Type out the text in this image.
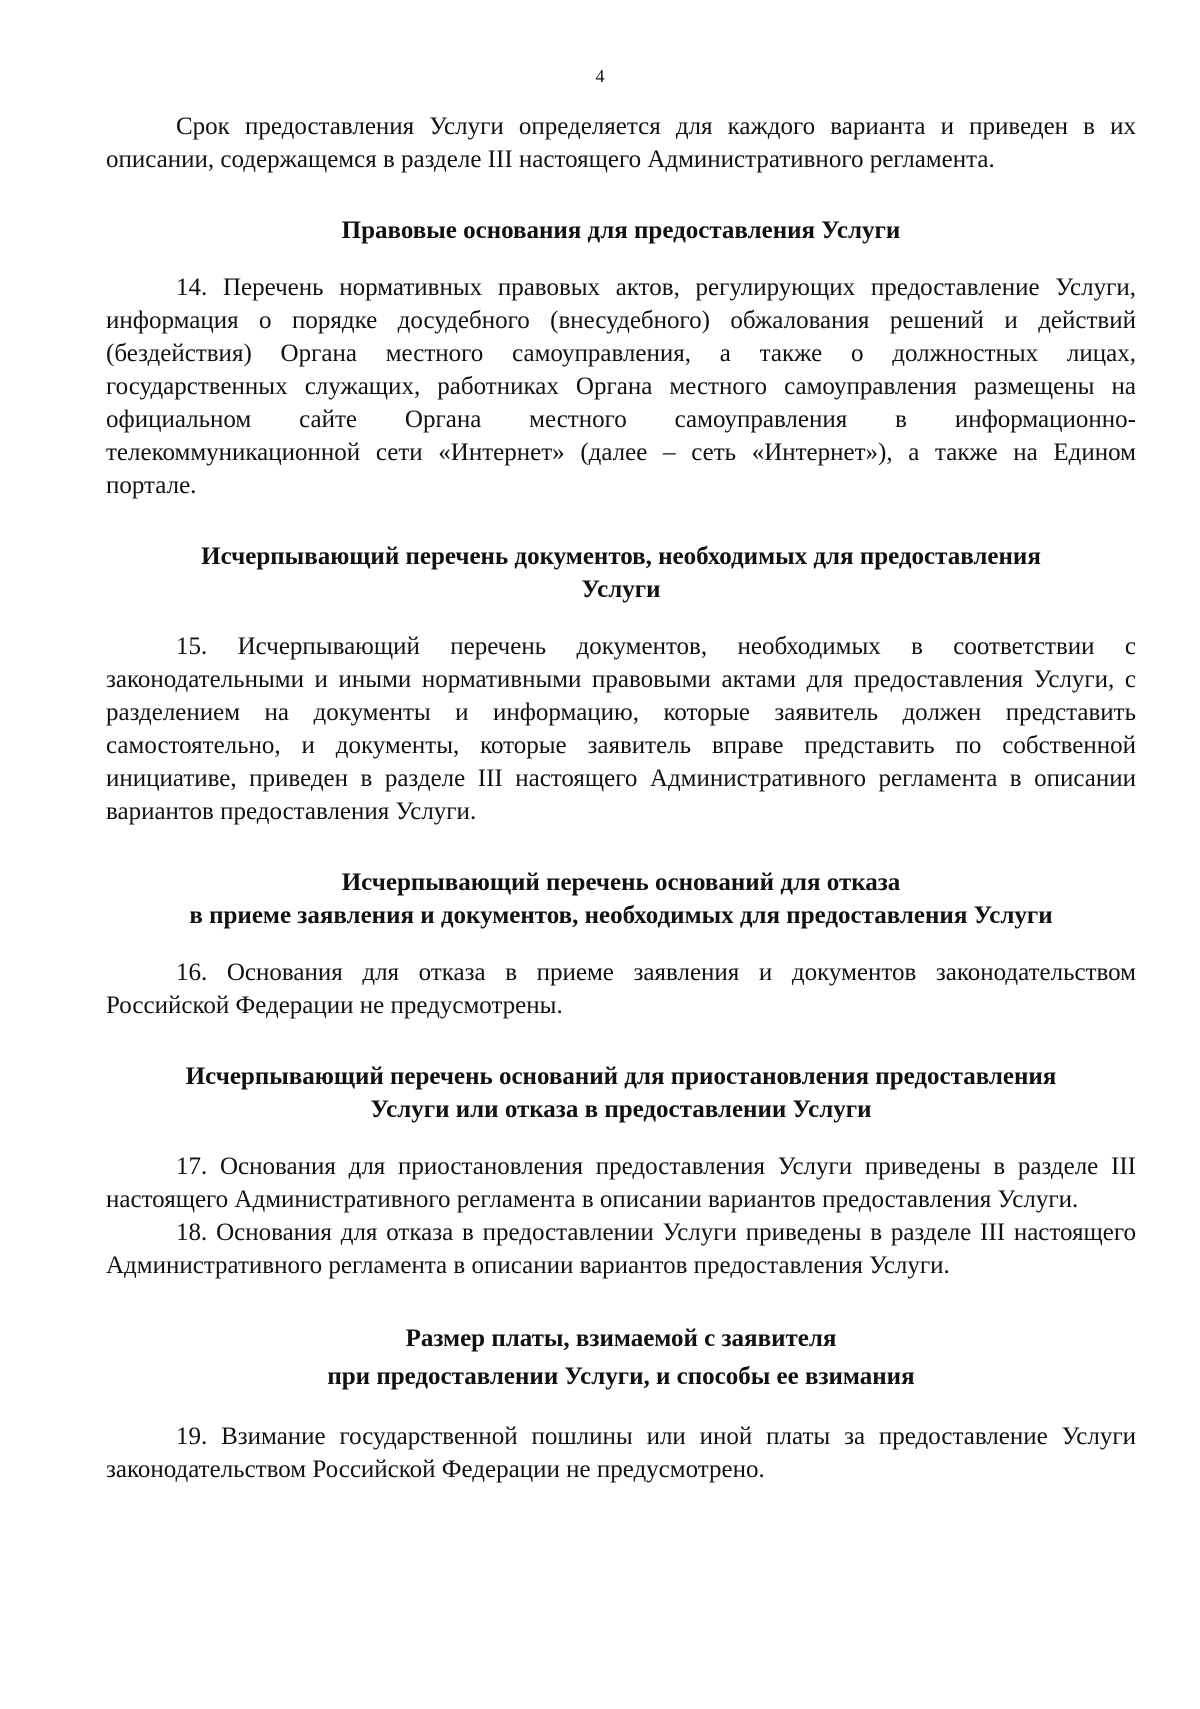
4

Срок предоставления Услуги определяется для каждого варианта и приведен в их описании, содержащемся в разделе III настоящего Административного регламента.

Правовые основания для предоставления Услуги

14. Перечень нормативных правовых актов, регулирующих предоставление Услуги, информация о порядке досудебного (внесудебного) обжалования решений и действий (бездействия) Органа местного самоуправления, а также о должностных лицах, государственных служащих, работниках Органа местного самоуправления размещены на официальном сайте Органа местного самоуправления в информационно-телекоммуникационной сети «Интернет» (далее – сеть «Интернет»), а также на Едином портале.

Исчерпывающий перечень документов, необходимых для предоставления
Услуги

15. Исчерпывающий перечень документов, необходимых в соответствии с законодательными и иными нормативными правовыми актами для предоставления Услуги, с разделением на документы и информацию, которые заявитель должен представить самостоятельно, и документы, которые заявитель вправе представить по собственной инициативе, приведен в разделе III настоящего Административного регламента в описании вариантов предоставления Услуги.

Исчерпывающий перечень оснований для отказа
в приеме заявления и документов, необходимых для предоставления Услуги

16. Основания для отказа в приеме заявления и документов законодательством Российской Федерации не предусмотрены.

Исчерпывающий перечень оснований для приостановления предоставления
Услуги или отказа в предоставлении Услуги

17. Основания для приостановления предоставления Услуги приведены в разделе III настоящего Административного регламента в описании вариантов предоставления Услуги.

18. Основания для отказа в предоставлении Услуги приведены в разделе III настоящего Административного регламента в описании вариантов предоставления Услуги.

Размер платы, взимаемой с заявителя
при предоставлении Услуги, и способы ее взимания

19. Взимание государственной пошлины или иной платы за предоставление Услуги законодательством Российской Федерации не предусмотрено.
